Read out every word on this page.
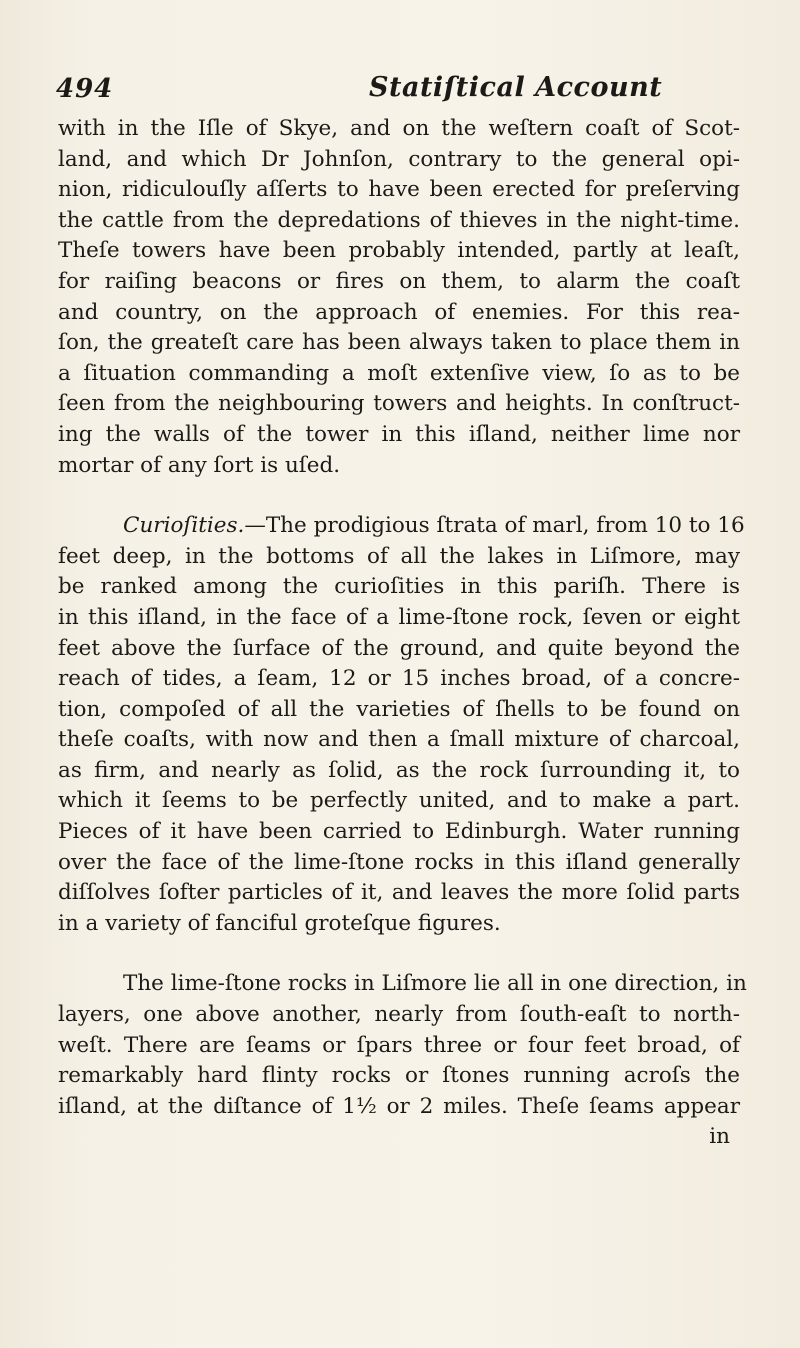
494	Statiſtical Account
with in the Iſle of Skye, and on the weſtern coaſt of Scot-
land, and which Dr Johnſon, contrary to the general opi-
nion, ridiculouſly aſſerts to have been erected for preſerving
the cattle from the depredations of thieves in the night-time.
Theſe towers have been probably intended, partly at leaſt,
for raiſing beacons or fires on them, to alarm the coaſt
and country, on the approach of enemies. For this rea-
ſon, the greateſt care has been always taken to place them in
a ſituation commanding a moſt extenſive view, ſo as to be
ſeen from the neighbouring towers and heights. In conſtruct-
ing the walls of the tower in this iſland, neither lime nor
mortar of any ſort is uſed.
Curioſities.—The prodigious ſtrata of marl, from 10 to 16
feet deep, in the bottoms of all the lakes in Liſmore, may
be ranked among the curioſities in this pariſh. There is
in this iſland, in the face of a lime-ſtone rock, ſeven or eight
feet above the ſurface of the ground, and quite beyond the
reach of tides, a ſeam, 12 or 15 inches broad, of a concre-
tion, compoſed of all the varieties of ſhells to be found on
theſe coaſts, with now and then a ſmall mixture of charcoal,
as firm, and nearly as ſolid, as the rock ſurrounding it, to
which it ſeems to be perfectly united, and to make a part.
Pieces of it have been carried to Edinburgh. Water running
over the face of the lime-ſtone rocks in this iſland generally
diſſolves ſofter particles of it, and leaves the more ſolid parts
in a variety of fanciful groteſque figures.
The lime-ſtone rocks in Liſmore lie all in one direction, in
layers, one above another, nearly from ſouth-eaſt to north-
weſt. There are ſeams or ſpars three or four feet broad, of
remarkably hard flinty rocks or ſtones running acroſs the
iſland, at the diſtance of 1½ or 2 miles. Theſe ſeams appear
in
